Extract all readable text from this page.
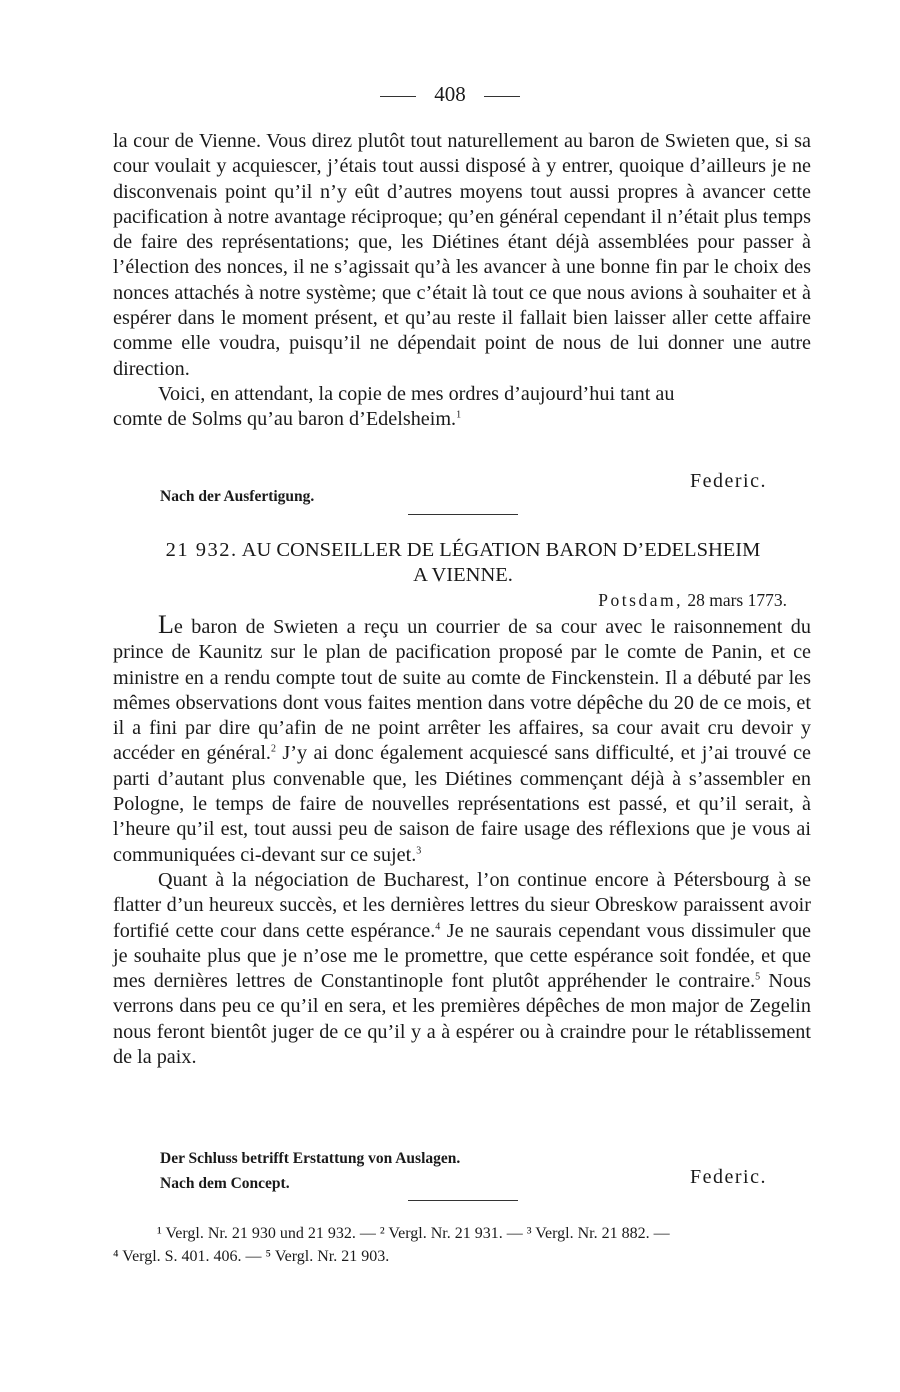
408

la cour de Vienne. Vous direz plutôt tout naturellement au baron de Swieten que, si sa cour voulait y acquiescer, j’étais tout aussi disposé à y entrer, quoique d’ailleurs je ne disconvenais point qu’il n’y eût d’autres moyens tout aussi propres à avancer cette pacification à notre avantage réciproque; qu’en général cependant il n’était plus temps de faire des représentations; que, les Diétines étant déjà assemblées pour passer à l’élection des nonces, il ne s’agissait qu’à les avancer à une bonne fin par le choix des nonces attachés à notre système; que c’était là tout ce que nous avions à souhaiter et à espérer dans le moment présent, et qu’au reste il fallait bien laisser aller cette affaire comme elle voudra, puisqu’il ne dépendait point de nous de lui donner une autre direction.

Voici, en attendant, la copie de mes ordres d’aujourd’hui tant au

comte de Solms qu’au baron d’Edelsheim.$^1$

Federic.
Nach der Ausfertigung.
21 932. AU CONSEILLER DE LÉGATION BARON D’EDELSHEIM
A VIENNE.
Potsdam, 28 mars 1773.

Le baron de Swieten a reçu un courrier de sa cour avec le raisonnement du prince de Kaunitz sur le plan de pacification proposé par le comte de Panin, et ce ministre en a rendu compte tout de suite au comte de Finckenstein. Il a débuté par les mêmes observations dont vous faites mention dans votre dépêche du 20 de ce mois, et il a fini par dire qu’afin de ne point arrêter les affaires, sa cour avait cru devoir y accéder en général.$^2$ J’y ai donc également acquiescé sans difficulté, et j’ai trouvé ce parti d’autant plus convenable que, les Diétines commençant déjà à s’assembler en Pologne, le temps de faire de nouvelles représentations est passé, et qu’il serait, à l’heure qu’il est, tout aussi peu de saison de faire usage des réflexions que je vous ai communiquées ci-devant sur ce sujet.$^3$

Quant à la négociation de Bucharest, l’on continue encore à Pétersbourg à se flatter d’un heureux succès, et les dernières lettres du sieur Obreskow paraissent avoir fortifié cette cour dans cette espérance.$^4$ Je ne saurais cependant vous dissimuler que je souhaite plus que je n’ose me le promettre, que cette espérance soit fondée, et que mes dernières lettres de Constantinople font plutôt appréhender le contraire.$^5$ Nous verrons dans peu ce qu’il en sera, et les premières dépêches de mon major de Zegelin nous feront bientôt juger de ce qu’il y a à espérer ou à craindre pour le rétablissement de la paix.

Der Schluss betrifft Erstattung von Auslagen.
Nach dem Concept.	Federic.
¹ Vergl. Nr. 21 930 und 21 932. — ² Vergl. Nr. 21 931. — ³ Vergl. Nr. 21 882. —
⁴ Vergl. S. 401. 406. — ⁵ Vergl. Nr. 21 903.
